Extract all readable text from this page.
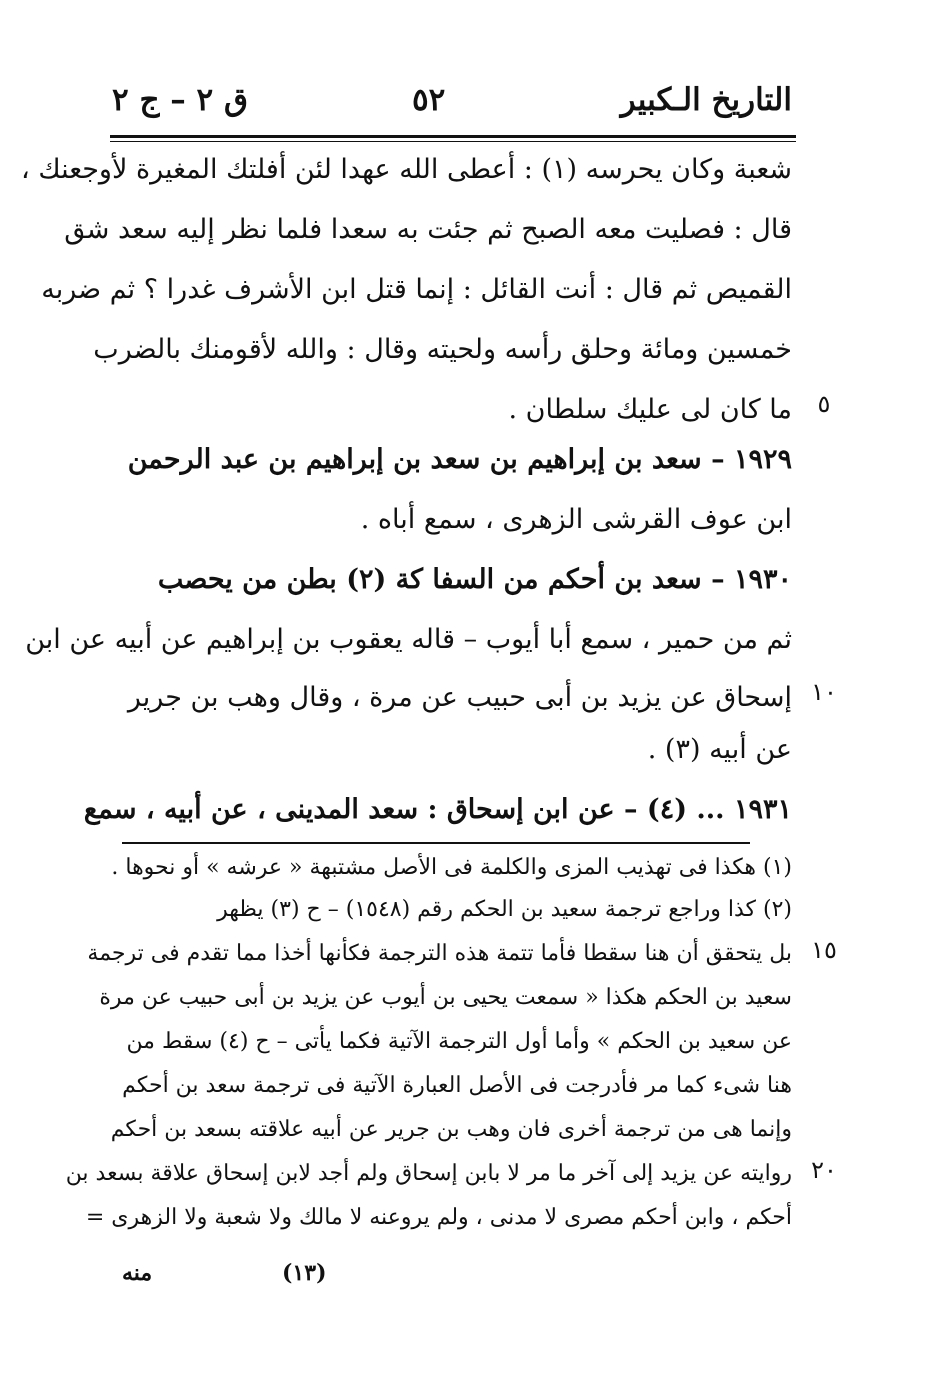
التاريخ الـكبير
٥٢
ق ٢ – ج ٢
شعبة وكان يحرسه (١) : أعطى الله عهدا لئن أفلتك المغيرة لأوجعنك ،
قال : فصليت معه الصبح ثم جئت به سعدا فلما نظر إليه سعد شق
القميص ثم قال : أنت القائل : إنما قتل ابن الأشرف غدرا ؟ ثم ضربه
خمسين ومائة وحلق رأسه ولحيته وقال : والله لأقومنك بالضرب
ما كان لى عليك سلطان .	٥
١٩٢٩ – سعد بن إبراهيم بن سعد بن إبراهيم بن عبد الرحمن
ابن عوف القرشى الزهرى ، سمع أباه .
١٩٣٠ – سعد بن أحكم من السفا كة (٢) بطن من يحصب
ثم من حمير ، سمع أبا أيوب – قاله يعقوب بن إبراهيم عن أبيه عن ابن
إسحاق عن يزيد بن أبى حبيب عن مرة ، وقال وهب بن جرير ١٠
عن أبيه (٣) .
١٩٣١ ... (٤) – عن ابن إسحاق : سعد المدينى ، عن أبيه ، سمع
(١) هكذا فى تهذيب المزى والكلمة فى الأصل مشتبهة « عرشه » أو نحوها .
(٢) كذا وراجع ترجمة سعيد بن الحكم رقم (١٥٤٨) – ح (٣) يظهر
بل يتحقق أن هنا سقطا فأما تتمة هذه الترجمة فكأنها أخذا مما تقدم فى ترجمة ١٥
سعيد بن الحكم هكذا « سمعت يحيى بن أيوب عن يزيد بن أبى حبيب عن مرة
عن سعيد بن الحكم » وأما أول الترجمة الآتية فكما يأتى – ح (٤) سقط من
هنا شىء كما مر فأدرجت فى الأصل العبارة الآتية فى ترجمة سعد بن أحكم
وإنما هى من ترجمة أخرى فان وهب بن جرير عن أبيه علاقته بسعد بن أحكم
روايته عن يزيد إلى آخر ما مر لا بابن إسحاق ولم أجد لابن إسحاق علاقة بسعد بن ٢٠
أحكم ، وابن أحكم مصرى لا مدنى ، ولم يروعنه لا مالك ولا شعبة ولا الزهرى =
(١٣)
منه
